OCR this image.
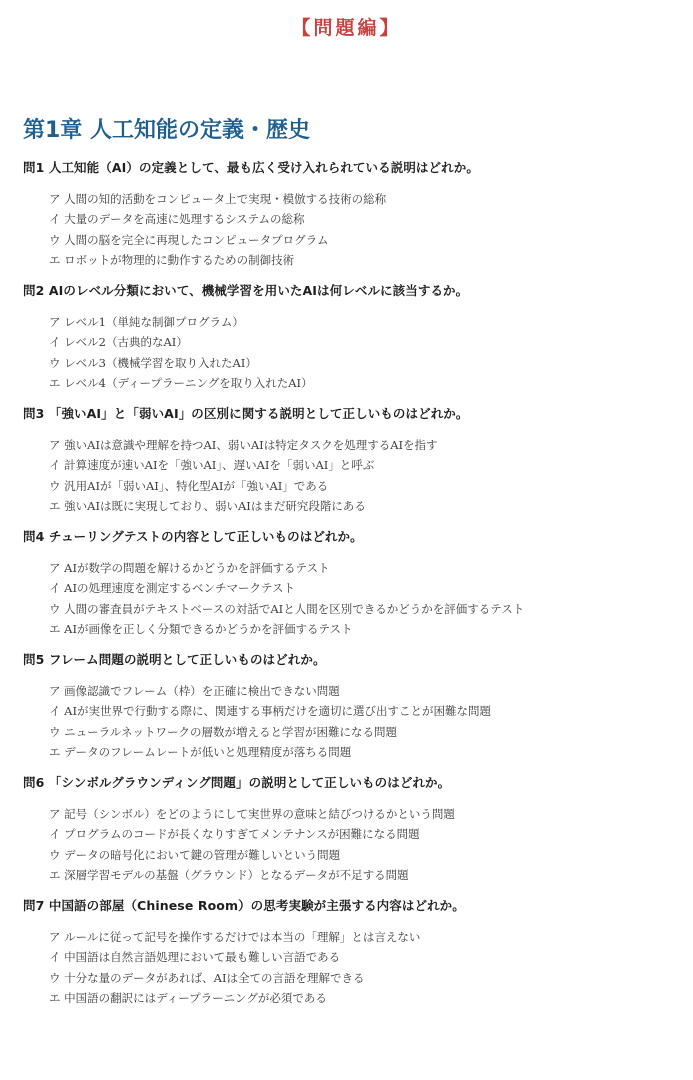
【問題編】
第1章 人工知能の定義・歴史
問1 人工知能（AI）の定義として、最も広く受け入れられている説明はどれか。
ア 人間の知的活動をコンピュータ上で実現・模倣する技術の総称
イ 大量のデータを高速に処理するシステムの総称
ウ 人間の脳を完全に再現したコンピュータプログラム
エ ロボットが物理的に動作するための制御技術
問2 AIのレベル分類において、機械学習を用いたAIは何レベルに該当するか。
ア レベル1（単純な制御プログラム）
イ レベル2（古典的なAI）
ウ レベル3（機械学習を取り入れたAI）
エ レベル4（ディープラーニングを取り入れたAI）
問3 「強いAI」と「弱いAI」の区別に関する説明として正しいものはどれか。
ア 強いAIは意識や理解を持つAI、弱いAIは特定タスクを処理するAIを指す
イ 計算速度が速いAIを「強いAI」、遅いAIを「弱いAI」と呼ぶ
ウ 汎用AIが「弱いAI」、特化型AIが「強いAI」である
エ 強いAIは既に実現しており、弱いAIはまだ研究段階にある
問4 チューリングテストの内容として正しいものはどれか。
ア AIが数学の問題を解けるかどうかを評価するテスト
イ AIの処理速度を測定するベンチマークテスト
ウ 人間の審査員がテキストベースの対話でAIと人間を区別できるかどうかを評価するテスト
エ AIが画像を正しく分類できるかどうかを評価するテスト
問5 フレーム問題の説明として正しいものはどれか。
ア 画像認識でフレーム（枠）を正確に検出できない問題
イ AIが実世界で行動する際に、関連する事柄だけを適切に選び出すことが困難な問題
ウ ニューラルネットワークの層数が増えると学習が困難になる問題
エ データのフレームレートが低いと処理精度が落ちる問題
問6 「シンボルグラウンディング問題」の説明として正しいものはどれか。
ア 記号（シンボル）をどのようにして実世界の意味と結びつけるかという問題
イ プログラムのコードが長くなりすぎてメンテナンスが困難になる問題
ウ データの暗号化において鍵の管理が難しいという問題
エ 深層学習モデルの基盤（グラウンド）となるデータが不足する問題
問7 中国語の部屋（Chinese Room）の思考実験が主張する内容はどれか。
ア ルールに従って記号を操作するだけでは本当の「理解」とは言えない
イ 中国語は自然言語処理において最も難しい言語である
ウ 十分な量のデータがあれば、AIは全ての言語を理解できる
エ 中国語の翻訳にはディープラーニングが必須である
